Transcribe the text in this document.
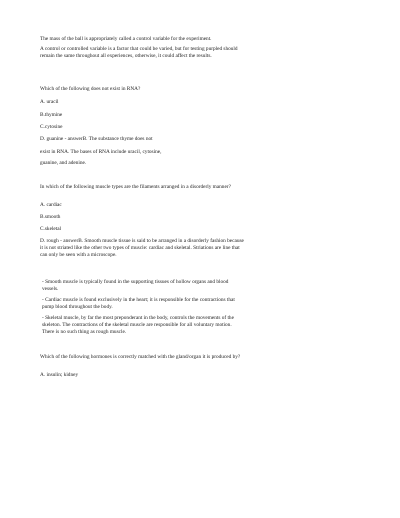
The mass of the ball is appropriately called a control variable for the experiment.

A control or controlled variable is a factor that could be varied, but for testing purpled should remain the same throughout all experiences, otherwise, it could affect the results.

Which of the following does not exist in RNA?

A. uracil

B.thymine

C.cytosine

D. guanine - answerB. The substance thyme does not

exist in RNA. The bases of RNA include uracil, cytosine,

guanine, and adenine.

In which of the following muscle types are the filaments arranged in a disorderly manner?

A. cardiac

B.smooth

C.skeletal

D. rough - answerB. Smooth muscle tissue is said to be arranged in a disorderly fashion because it is not striated like the other two types of muscle: cardiac and skeletal. Striations are line that can only be seen with a microscope.

- Smooth muscle is typically found in the supporting tissues of hollow organs and blood vessels.

- Cardiac muscle is found exclusively in the heart; it is responsible for the contractions that pump blood throughout the body.

- Skeletal muscle, by far the most preponderant in the body, controls the movements of the skeleton. The contractions of the skeletal muscle are responsible for all voluntary motion. There is no such thing as rough muscle.

Which of the following hormones is correctly matched with the gland/organ it is produced by?

A. insulin; kidney
